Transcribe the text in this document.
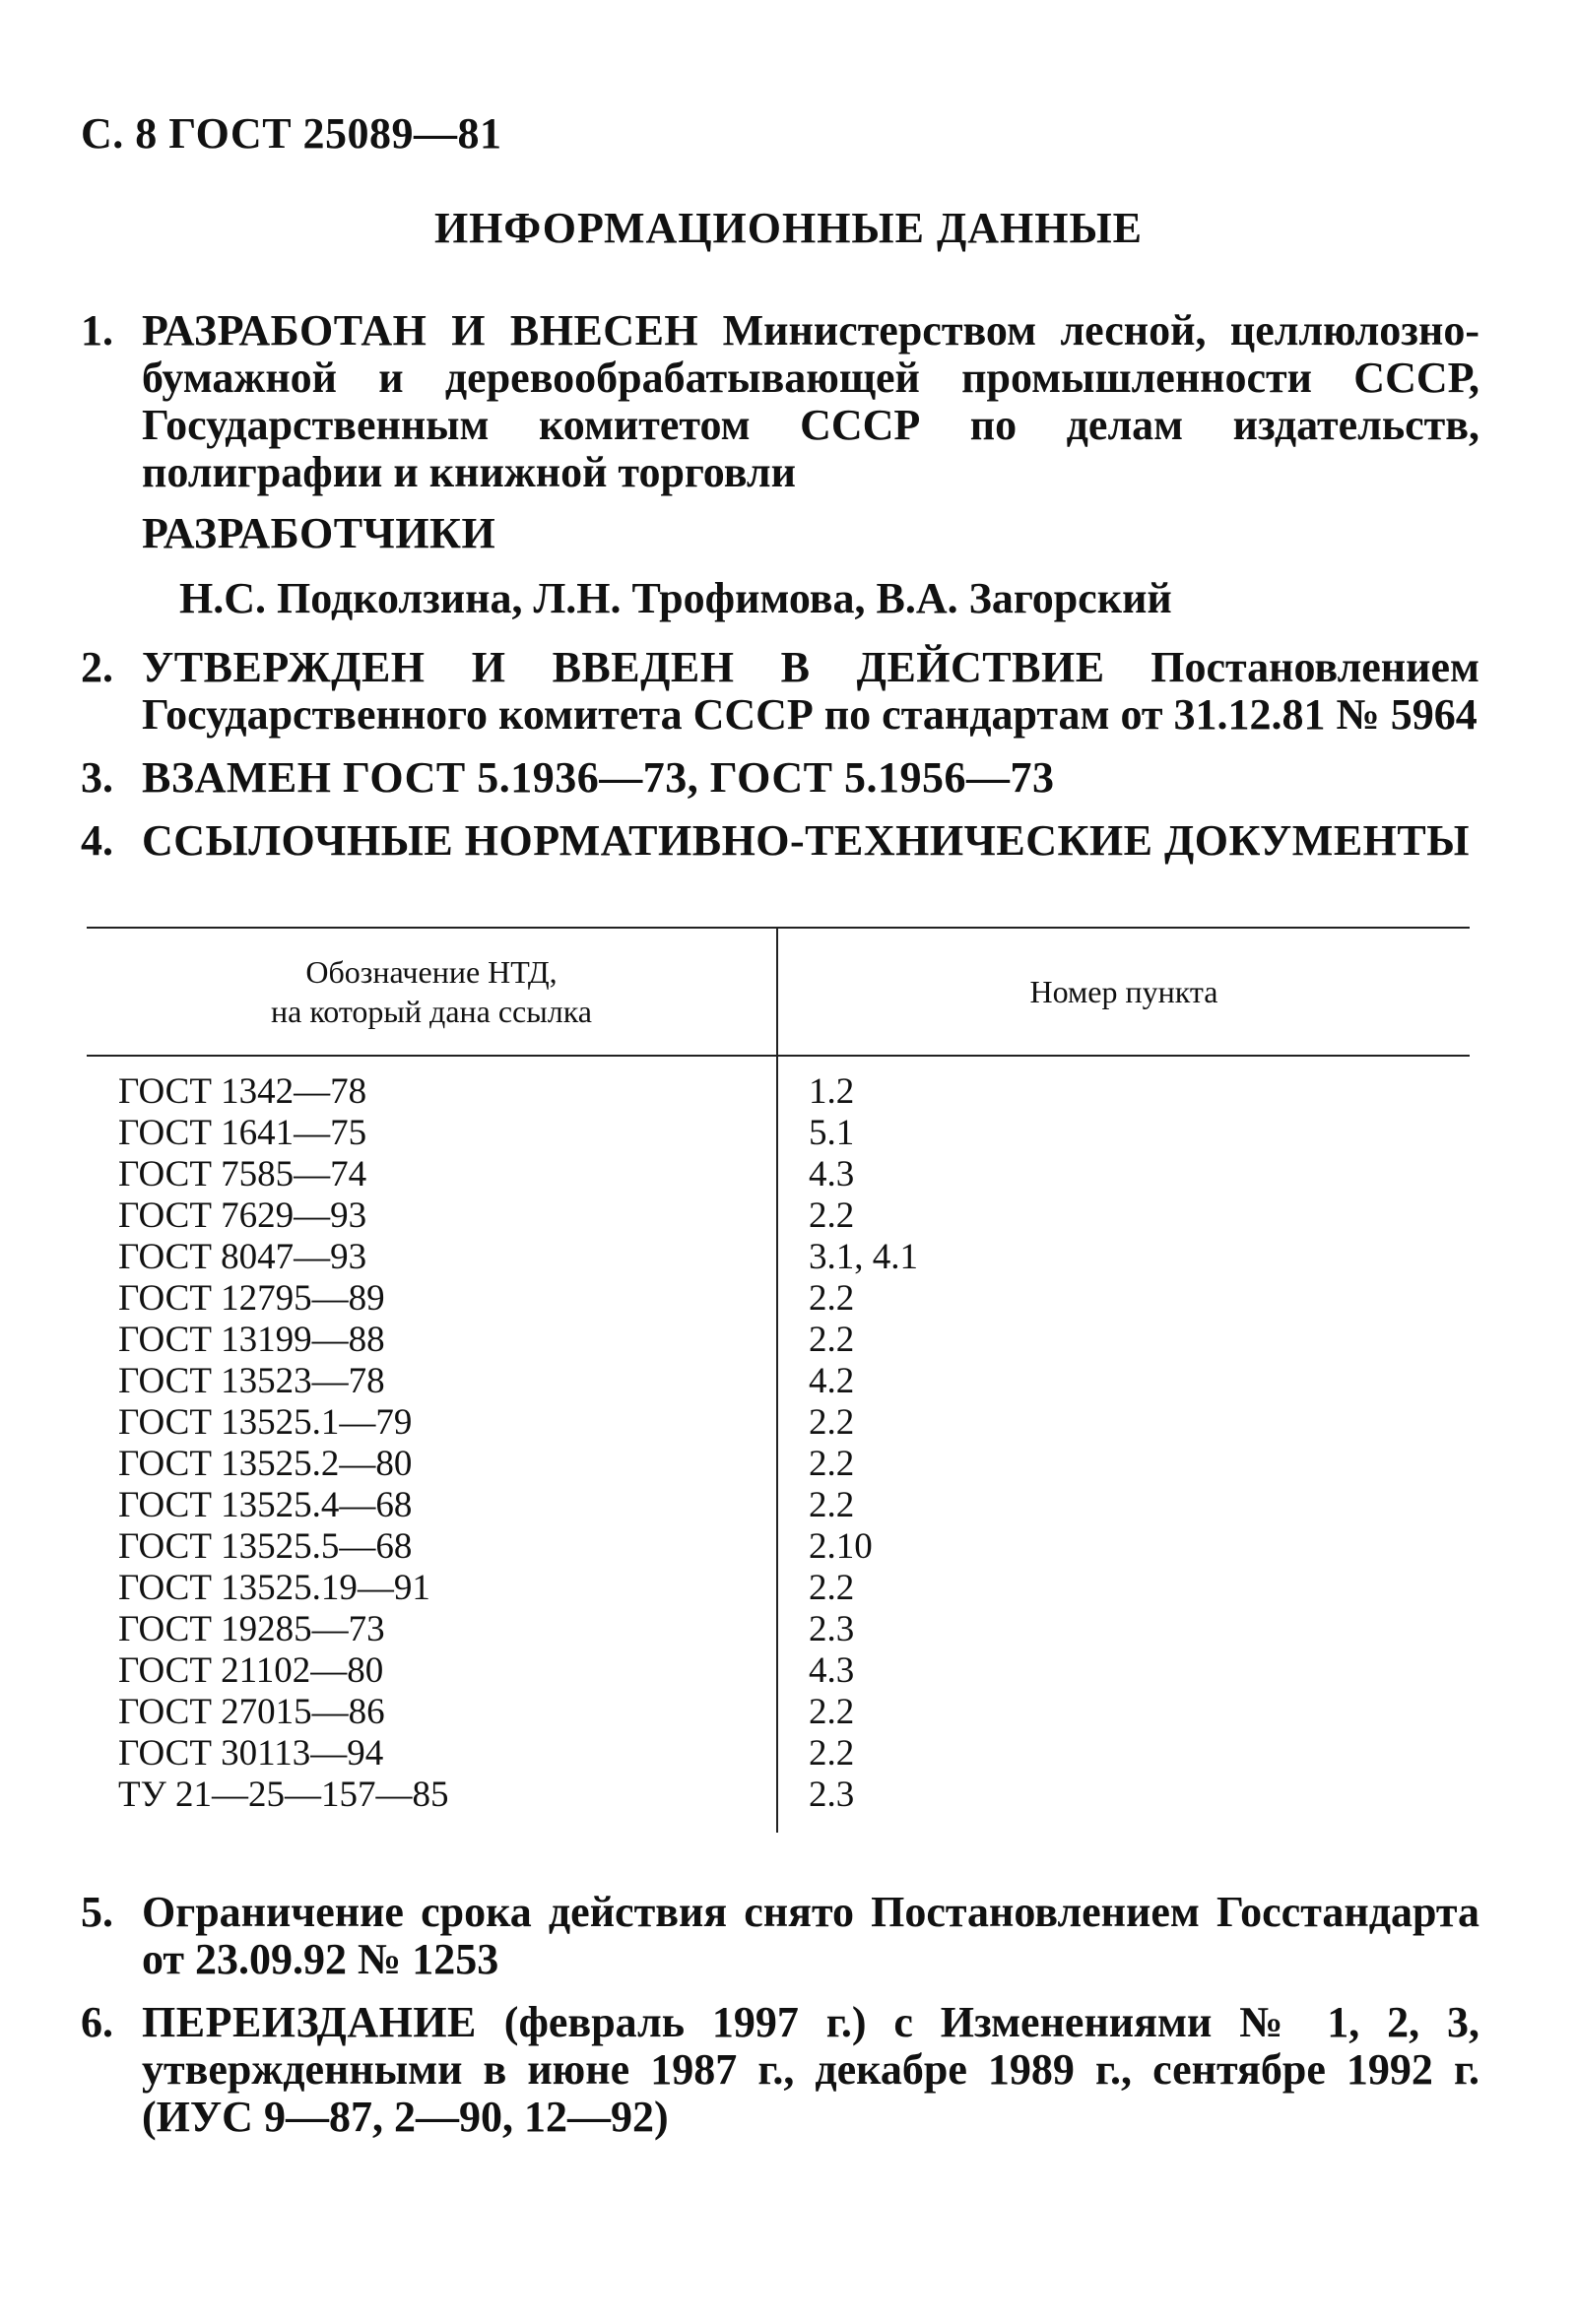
С. 8 ГОСТ 25089—81
ИНФОРМАЦИОННЫЕ ДАННЫЕ
1. РАЗРАБОТАН И ВНЕСЕН Министерством лесной, целлюлозно-бумажной и деревообрабатывающей промышленности СССР, Государственным комитетом СССР по делам издательств, полиграфии и книжной торговли
РАЗРАБОТЧИКИ
Н.С. Подколзина, Л.Н. Трофимова, В.А. Загорский
2. УТВЕРЖДЕН И ВВЕДЕН В ДЕЙСТВИЕ Постановлением Государственного комитета СССР по стандартам от 31.12.81 № 5964
3. ВЗАМЕН ГОСТ 5.1936—73, ГОСТ 5.1956—73
4. ССЫЛОЧНЫЕ НОРМАТИВНО-ТЕХНИЧЕСКИЕ ДОКУМЕНТЫ
Обозначение НТД,
на который дана ссылка
Номер пункта
ГОСТ 1342—78
ГОСТ 1641—75
ГОСТ 7585—74
ГОСТ 7629—93
ГОСТ 8047—93
ГОСТ 12795—89
ГОСТ 13199—88
ГОСТ 13523—78
ГОСТ 13525.1—79
ГОСТ 13525.2—80
ГОСТ 13525.4—68
ГОСТ 13525.5—68
ГОСТ 13525.19—91
ГОСТ 19285—73
ГОСТ 21102—80
ГОСТ 27015—86
ГОСТ 30113—94
ТУ 21—25—157—85
1.2
5.1
4.3
2.2
3.1, 4.1
2.2
2.2
4.2
2.2
2.2
2.2
2.10
2.2
2.3
4.3
2.2
2.2
2.3
5. Ограничение срока действия снято Постановлением Госстандарта от 23.09.92 № 1253
6. ПЕРЕИЗДАНИЕ (февраль 1997 г.) с Изменениями № 1, 2, 3, утвержденными в июне 1987 г., декабре 1989 г., сентябре 1992 г. (ИУС 9—87, 2—90, 12—92)
